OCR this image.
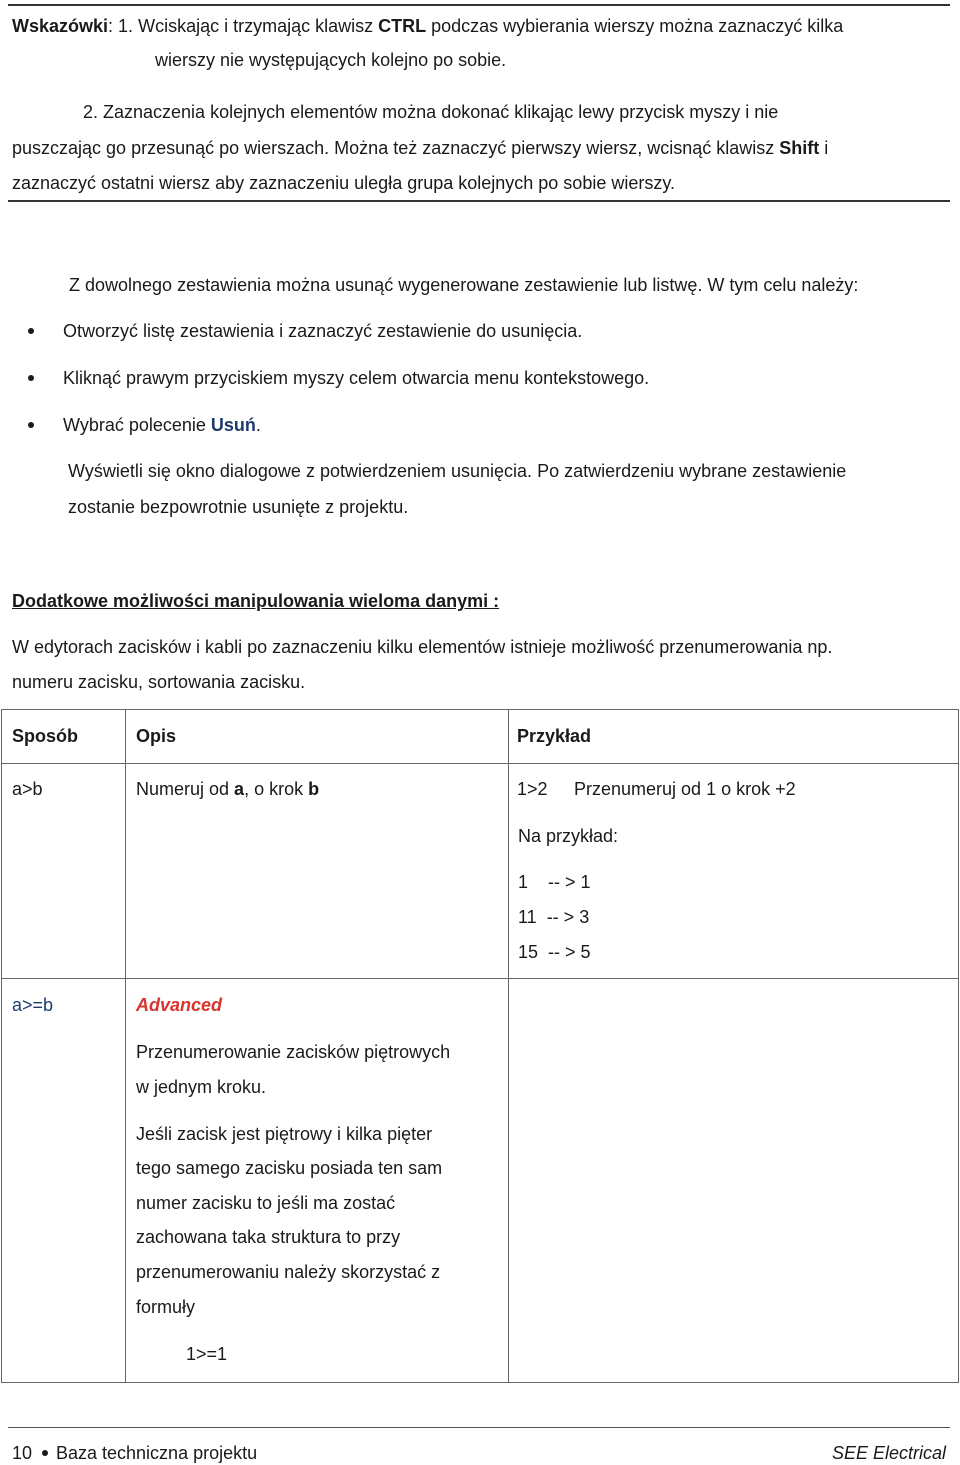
Wskazówki: 1. Wciskając i trzymając klawisz CTRL podczas wybierania wierszy można zaznaczyć kilka
wierszy nie występujących kolejno po sobie.
2. Zaznaczenia kolejnych elementów można dokonać klikając lewy przycisk myszy i nie
puszczając go przesunąć po wierszach. Można też zaznaczyć pierwszy wiersz, wcisnąć klawisz Shift i
zaznaczyć ostatni wiersz aby zaznaczeniu uległa grupa kolejnych po sobie wierszy.
Z dowolnego zestawienia można usunąć wygenerowane zestawienie lub listwę. W tym celu należy:
Otworzyć listę zestawienia i zaznaczyć zestawienie do usunięcia.
Kliknąć prawym przyciskiem myszy celem otwarcia menu kontekstowego.
Wybrać polecenie Usuń.
Wyświetli się okno dialogowe z potwierdzeniem usunięcia. Po zatwierdzeniu wybrane zestawienie
zostanie bezpowrotnie usunięte z projektu.
Dodatkowe możliwości manipulowania wieloma danymi :
W edytorach zacisków i kabli po zaznaczeniu kilku elementów istnieje możliwość przenumerowania np.
numeru zacisku, sortowania zacisku.
Sposób	Opis	Przykład
a>b	Numeruj od a, o krok b	1>2 Przenumeruj od 1 o krok +2
Na przykład:
1    -- > 1
11  -- > 3
15  -- > 5
a>=b	Advanced
Przenumerowanie zacisków piętrowych
w jednym kroku.
Jeśli zacisk jest piętrowy i kilka pięter
tego samego zacisku posiada ten sam
numer zacisku to jeśli ma zostać
zachowana taka struktura to przy
przenumerowaniu należy skorzystać z
formuły
1>=1
10 Baza techniczna projektu	SEE Electrical
